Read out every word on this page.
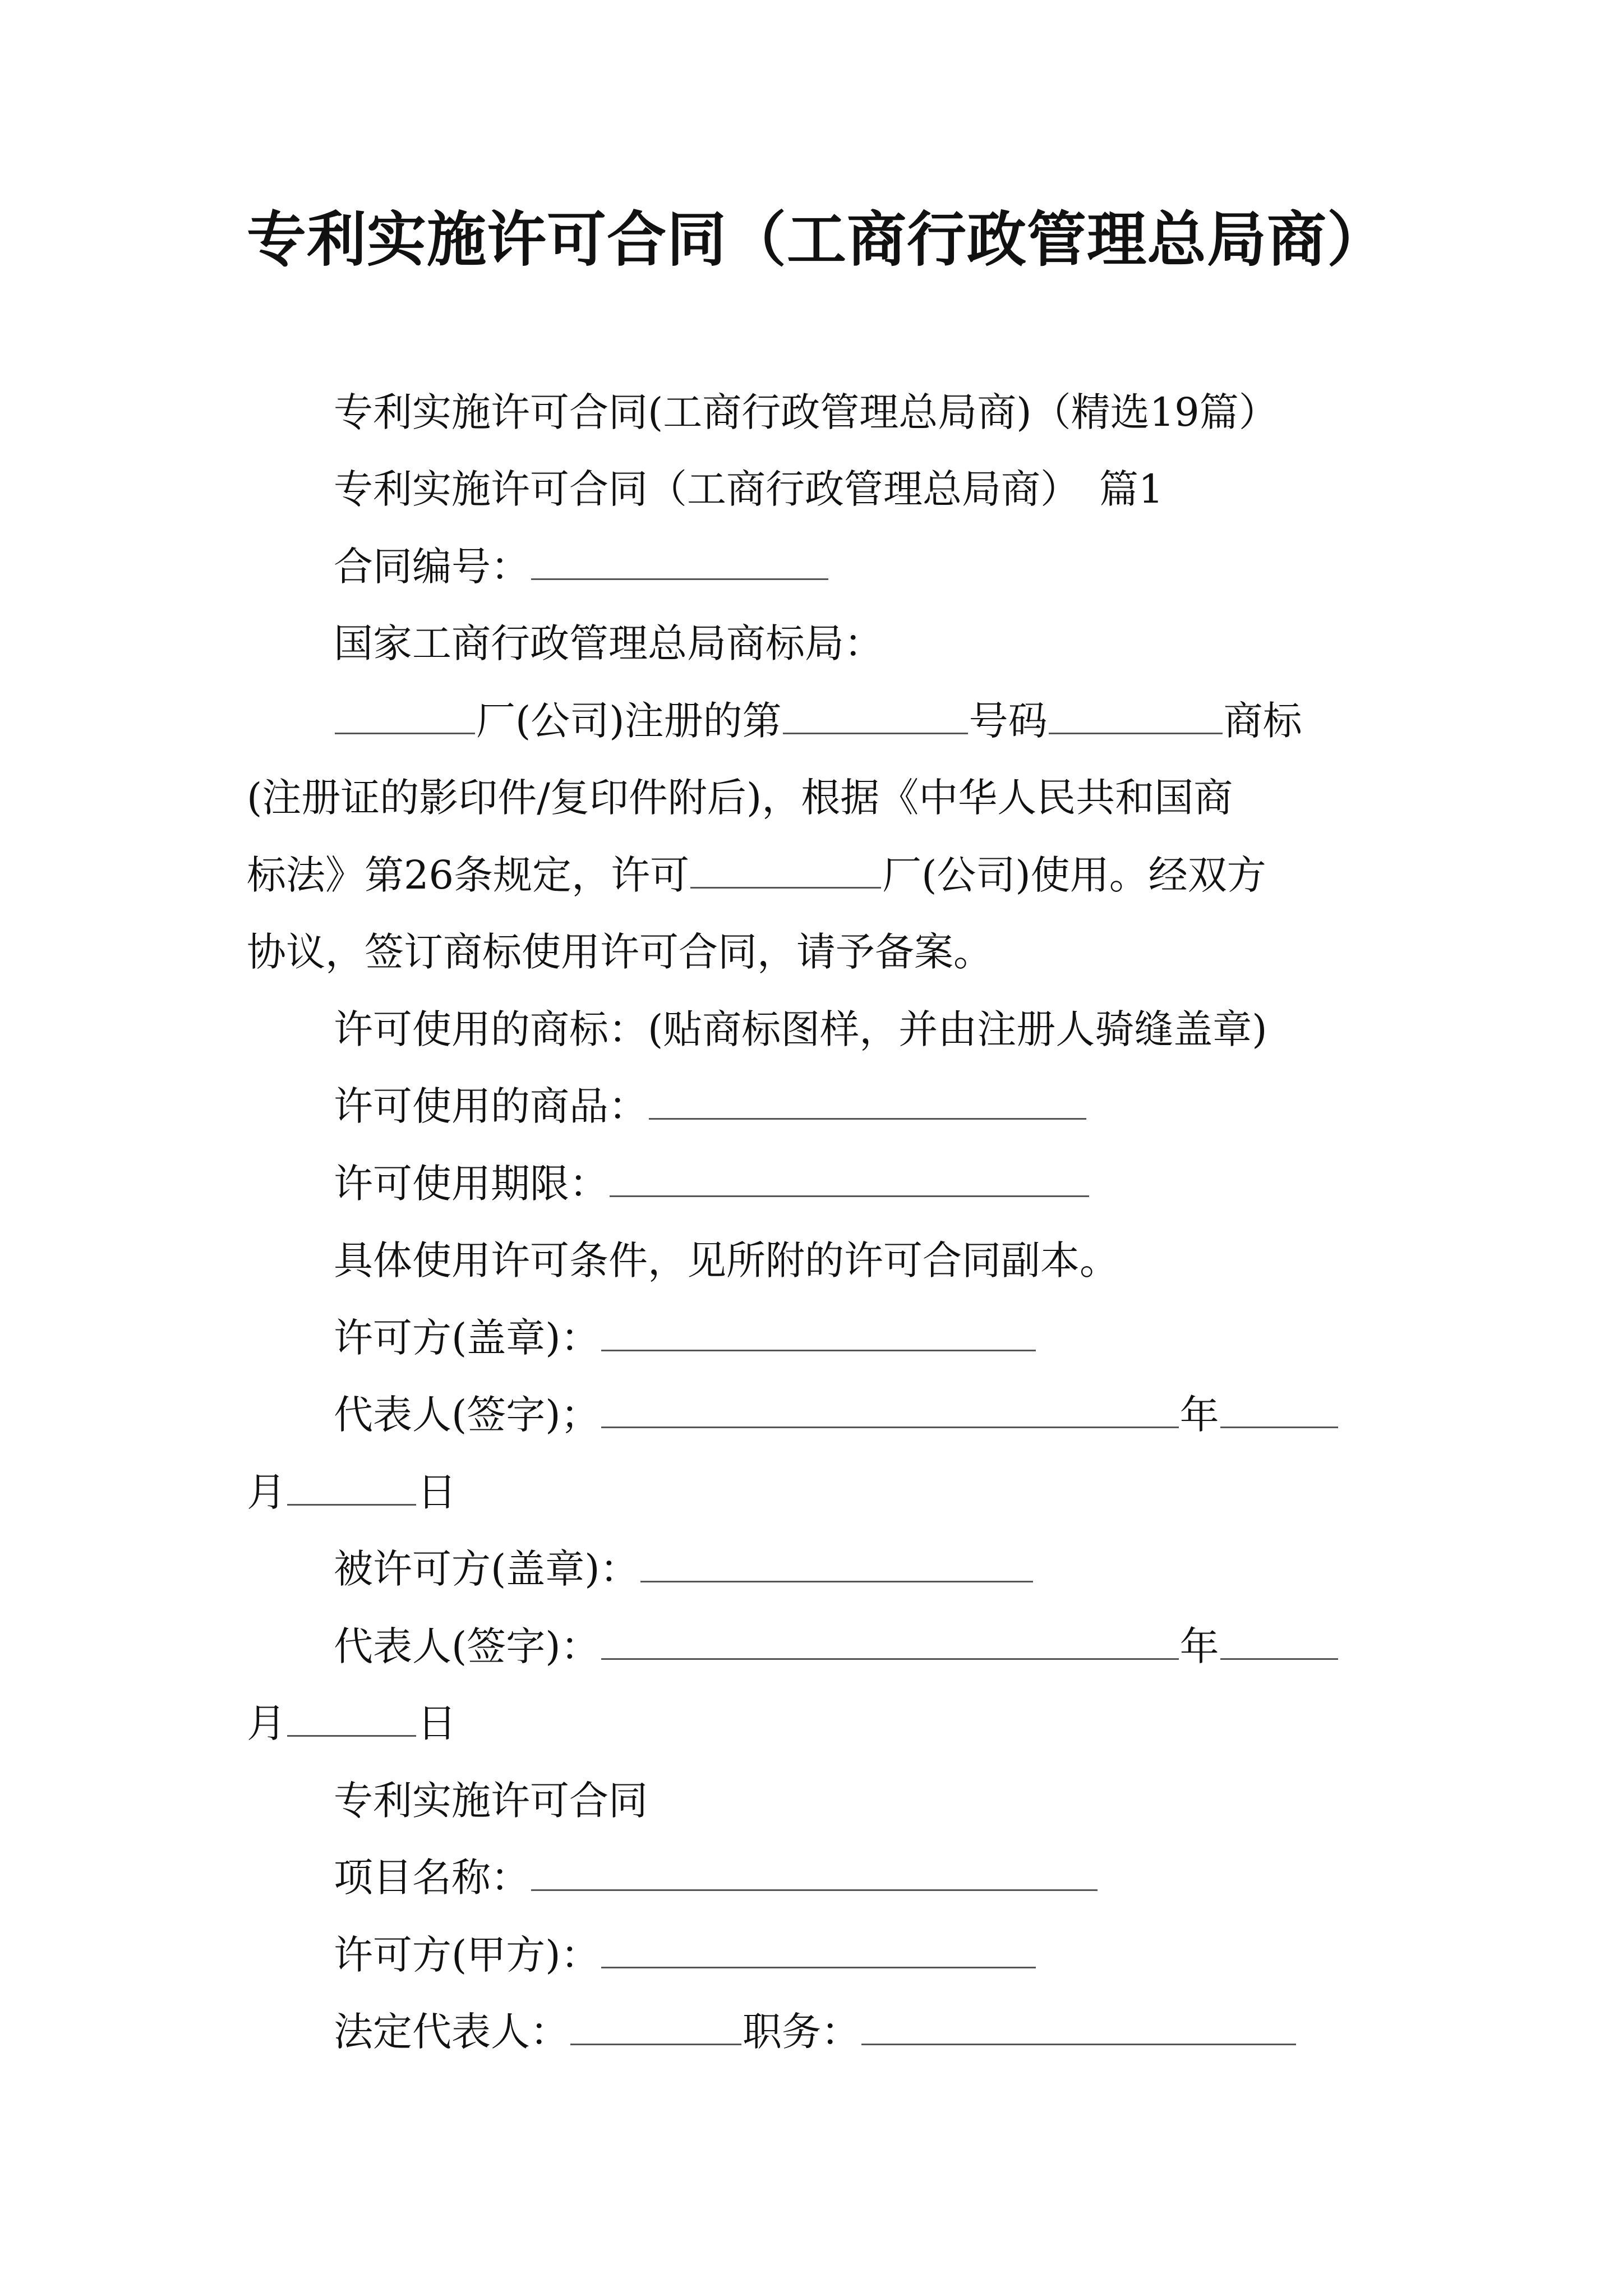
专利实施许可合同（工商行政管理总局商）
专利实施许可合同(工商行政管理总局商)（精选19篇）
专利实施许可合同（工商行政管理总局商）　篇1
合同编号：
国家工商行政管理总局商标局：
厂(公司)注册的第	号码	商标
(注册证的影印件/复印件附后)，根据《中华人民共和国商
标法》第26条规定，许可	厂(公司)使用。经双方
协议，签订商标使用许可合同，请予备案。
许可使用的商标：(贴商标图样，并由注册人骑缝盖章)
许可使用的商品：
许可使用期限：
具体使用许可条件，见所附的许可合同副本。
许可方(盖章)：
代表人(签字)；	年
月	日
被许可方(盖章)：
代表人(签字)：	年
月	日
专利实施许可合同
项目名称：
许可方(甲方)：
法定代表人：	职务：
